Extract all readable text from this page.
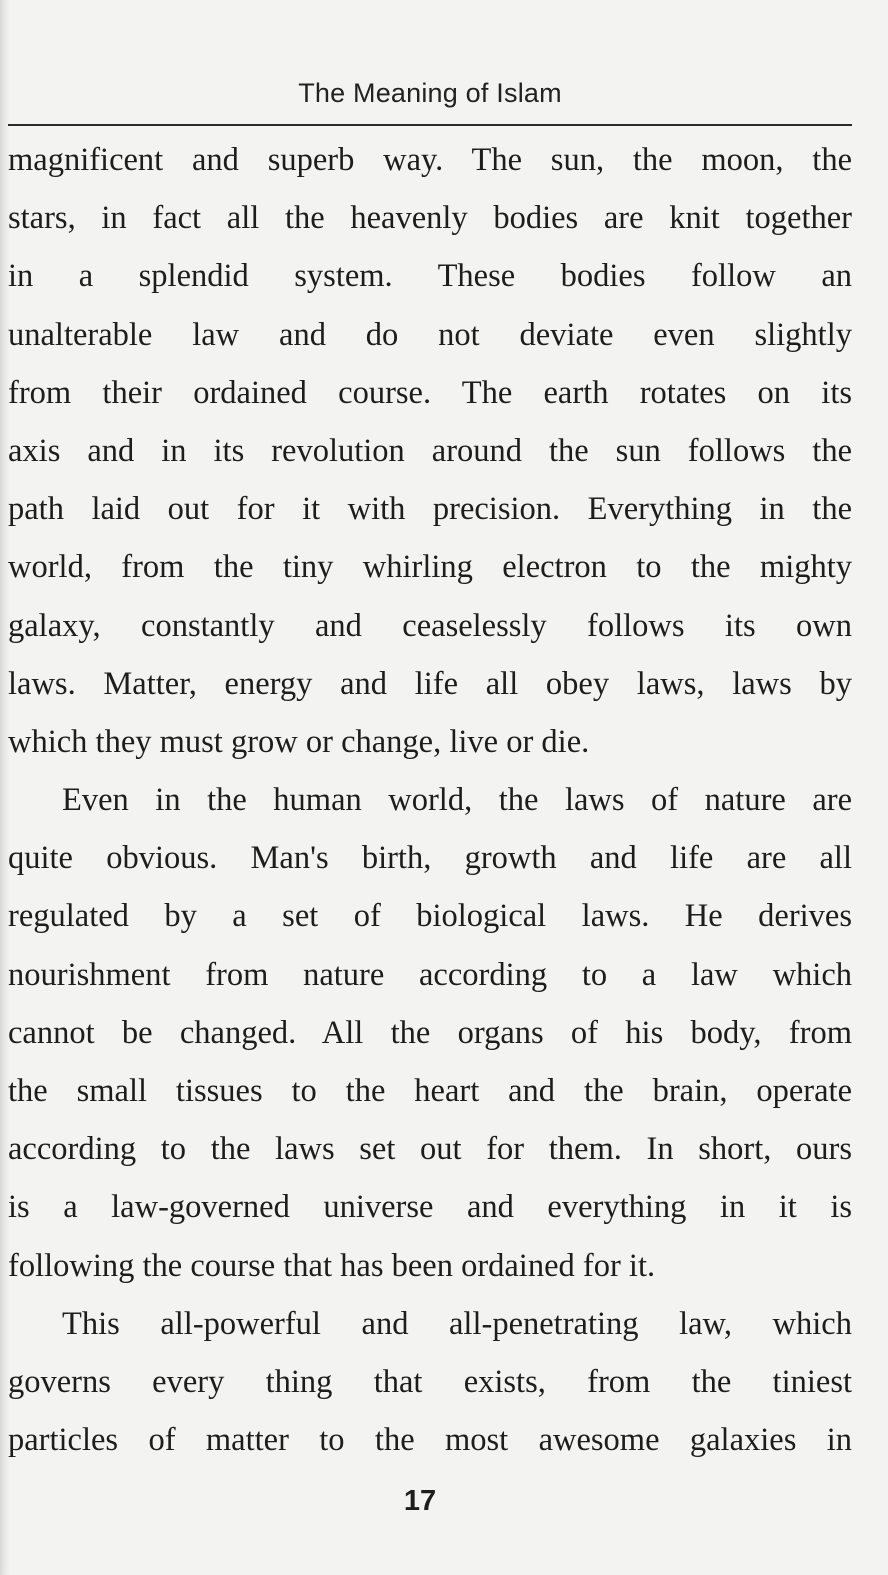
The Meaning of Islam
magnificent and superb way. The sun, the moon, the
stars, in fact all the heavenly bodies are knit together
in a splendid system. These bodies follow an
unalterable law and do not deviate even slightly
from their ordained course. The earth rotates on its
axis and in its revolution around the sun follows the
path laid out for it with precision. Everything in the
world, from the tiny whirling electron to the mighty
galaxy, constantly and ceaselessly follows its own
laws. Matter, energy and life all obey laws, laws by
which they must grow or change, live or die.
Even in the human world, the laws of nature are
quite obvious. Man's birth, growth and life are all
regulated by a set of biological laws. He derives
nourishment from nature according to a law which
cannot be changed. All the organs of his body, from
the small tissues to the heart and the brain, operate
according to the laws set out for them. In short, ours
is a law-governed universe and everything in it is
following the course that has been ordained for it.
This all-powerful and all-penetrating law, which
governs every thing that exists, from the tiniest
particles of matter to the most awesome galaxies in
17
